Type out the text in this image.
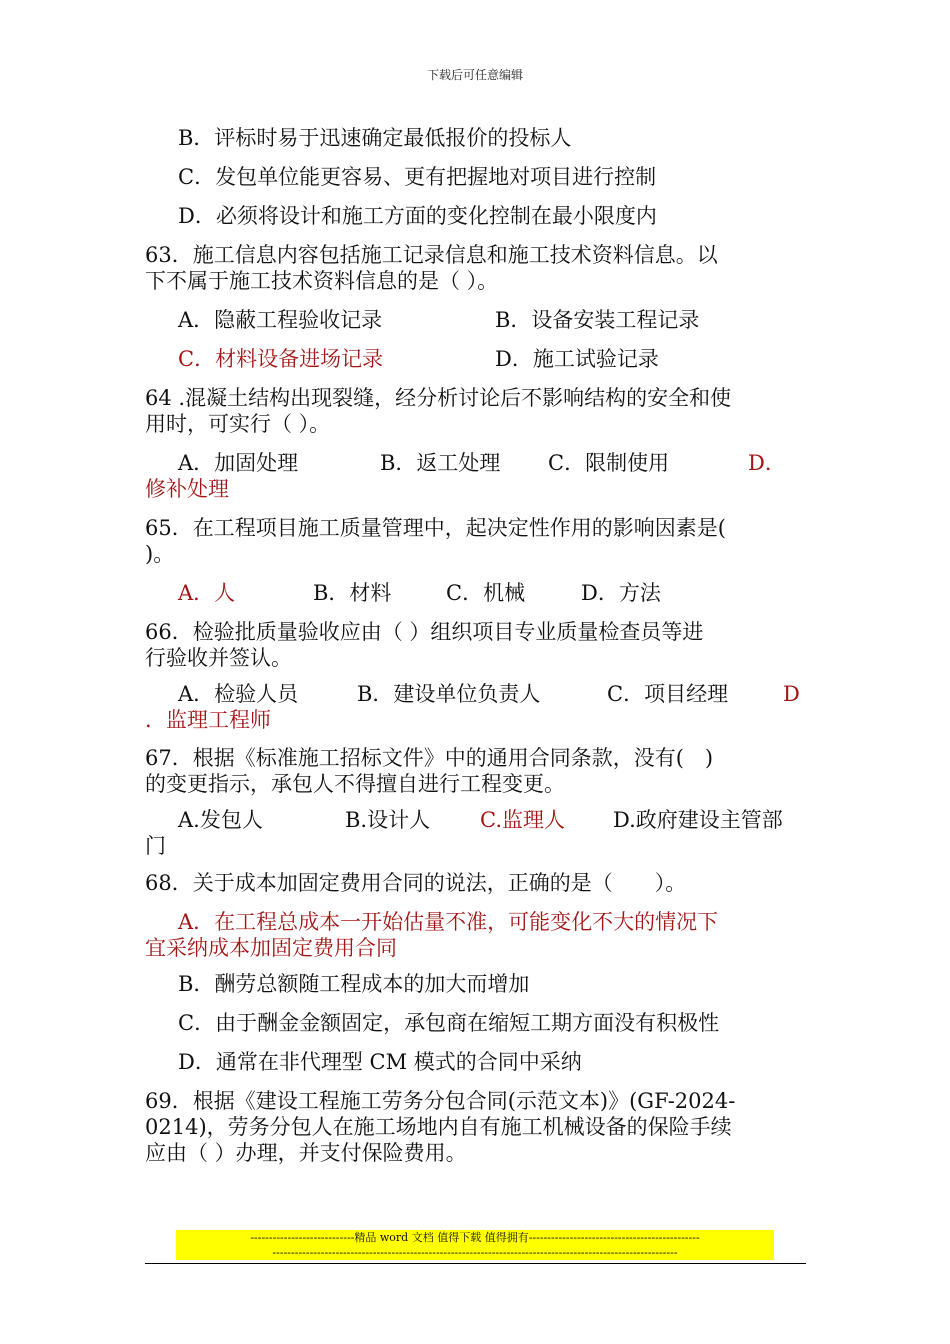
下载后可任意编辑
B．评标时易于迅速确定最低报价的投标人
C．发包单位能更容易、更有把握地对项目进行控制
D．必须将设计和施工方面的变化控制在最小限度内
63．施工信息内容包括施工记录信息和施工技术资料信息。以
下不属于施工技术资料信息的是（ ）。
A．隐蔽工程验收记录	B．设备安装工程记录
C．材料设备进场记录	D．施工试验记录
64 .混凝土结构出现裂缝，经分析讨论后不影响结构的安全和使
用时，可实行（ ）。
A．加固处理	B．返工处理 C．限制使用	D．
修补处理
65．在工程项目施工质量管理中，起决定性作用的影响因素是(
)。
A．人	B．材料	C．机械	D．方法
66．检验批质量验收应由（ ）组织项目专业质量检查员等进
行验收并签认。
A．检验人员	B．建设单位负责人	C．项目经理	D
．监理工程师
67．根据《标准施工招标文件》中的通用合同条款，没有(　)
的变更指示，承包人不得擅自进行工程变更。
A.发包人	B.设计人 C.监理人 D.政府建设主管部
门
68．关于成本加固定费用合同的说法，正确的是（　　）。
A．在工程总成本一开始估量不准，可能变化不大的情况下
宜采纳成本加固定费用合同
B．酬劳总额随工程成本的加大而增加
C．由于酬金金额固定，承包商在缩短工期方面没有积极性
D．通常在非代理型 CM 模式的合同中采纳
69．根据《建设工程施工劳务分包合同(示范文本)》(GF-2024-
0214)，劳务分包人在施工场地内自有施工机械设备的保险手续
应由（ ）办理，并支付保险费用。
----------------------------精品 word 文档 值得下载 值得拥有----------------------------------------------
-------------------------------------------------------------------------------------------------------------
